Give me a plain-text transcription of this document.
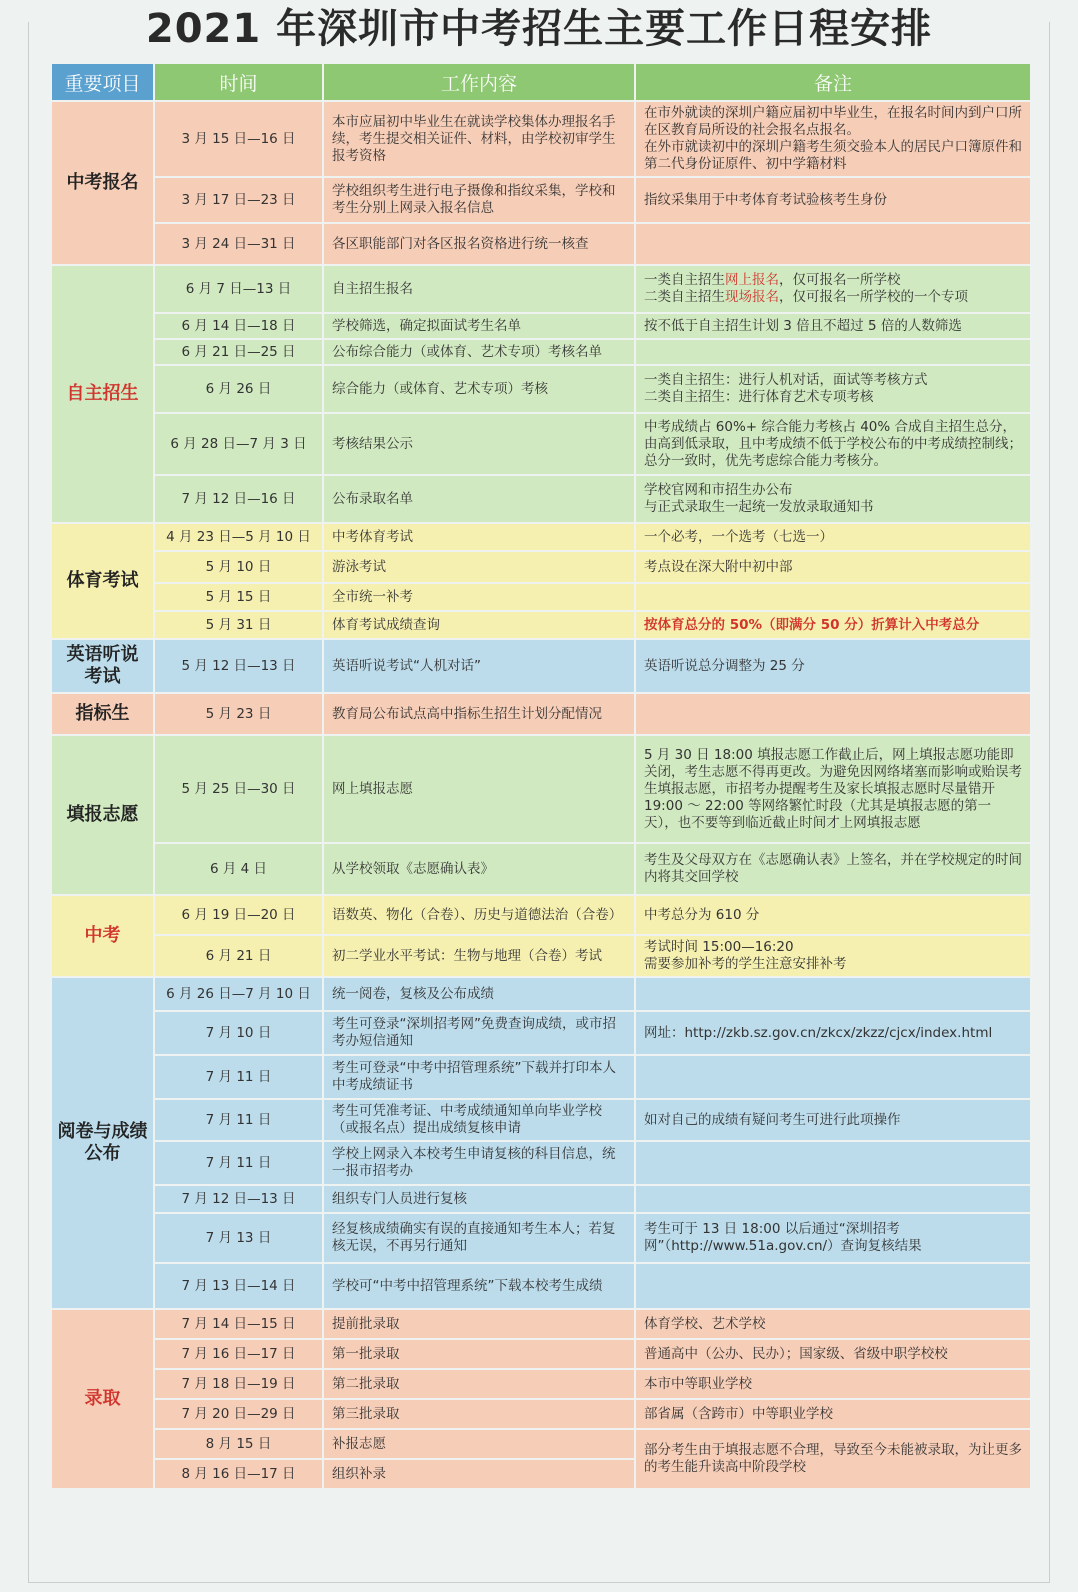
2021 年深圳市中考招生主要工作日程安排
重要项目	时间	工作内容	备注
中考报名	3 月 15 日—16 日	本市应届初中毕业生在就读学校集体办理报名手续，考生提交相关证件、材料，由学校初审学生报考资格	在市外就读的深圳户籍应届初中毕业生，在报名时间内到户口所在区教育局所设的社会报名点报名。
在外市就读初中的深圳户籍考生须交验本人的居民户口簿原件和第二代身份证原件、初中学籍材料
	3 月 17 日—23 日	学校组织考生进行电子摄像和指纹采集，学校和考生分别上网录入报名信息	指纹采集用于中考体育考试验核考生身份
	3 月 24 日—31 日	各区职能部门对各区报名资格进行统一核查	
自主招生	6 月 7 日—13 日	自主招生报名	一类自主招生网上报名，仅可报名一所学校
二类自主招生现场报名，仅可报名一所学校的一个专项
	6 月 14 日—18 日	学校筛选，确定拟面试考生名单	按不低于自主招生计划 3 倍且不超过 5 倍的人数筛选
	6 月 21 日—25 日	公布综合能力（或体育、艺术专项）考核名单	
	6 月 26 日	综合能力（或体育、艺术专项）考核	一类自主招生：进行人机对话，面试等考核方式
二类自主招生：进行体育艺术专项考核
	6 月 28 日—7 月 3 日	考核结果公示	中考成绩占 60%+ 综合能力考核占 40% 合成自主招生总分，由高到低录取，且中考成绩不低于学校公布的中考成绩控制线；总分一致时，优先考虑综合能力考核分。
	7 月 12 日—16 日	公布录取名单	学校官网和市招生办公布
与正式录取生一起统一发放录取通知书
体育考试	4 月 23 日—5 月 10 日	中考体育考试	一个必考，一个选考（七选一）
	5 月 10 日	游泳考试	考点设在深大附中初中部
	5 月 15 日	全市统一补考	
	5 月 31 日	体育考试成绩查询	按体育总分的 50%（即满分 50 分）折算计入中考总分
英语听说
考试	5 月 12 日—13 日	英语听说考试“人机对话”	英语听说总分调整为 25 分
指标生	5 月 23 日	教育局公布试点高中指标生招生计划分配情况	
填报志愿	5 月 25 日—30 日	网上填报志愿	5 月 30 日 18:00 填报志愿工作截止后，网上填报志愿功能即关闭，考生志愿不得再更改。为避免因网络堵塞而影响或贻误考生填报志愿，市招考办提醒考生及家长填报志愿时尽量错开 19:00 ～ 22:00 等网络繁忙时段（尤其是填报志愿的第一天），也不要等到临近截止时间才上网填报志愿
	6 月 4 日	从学校领取《志愿确认表》	考生及父母双方在《志愿确认表》上签名，并在学校规定的时间内将其交回学校
中考	6 月 19 日—20 日	语数英、物化（合卷）、历史与道德法治（合卷）	中考总分为 610 分
	6 月 21 日	初二学业水平考试：生物与地理（合卷）考试	考试时间 15:00—16:20
需要参加补考的学生注意安排补考
阅卷与成绩
公布	6 月 26 日—7 月 10 日	统一阅卷，复核及公布成绩	
	7 月 10 日	考生可登录“深圳招考网”免费查询成绩，或市招考办短信通知	网址：http://zkb.sz.gov.cn/zkcx/zkzz/cjcx/index.html
	7 月 11 日	考生可登录“中考中招管理系统”下载并打印本人中考成绩证书	
	7 月 11 日	考生可凭准考证、中考成绩通知单向毕业学校（或报名点）提出成绩复核申请	如对自己的成绩有疑问考生可进行此项操作
	7 月 11 日	学校上网录入本校考生申请复核的科目信息，统一报市招考办	
	7 月 12 日—13 日	组织专门人员进行复核	
	7 月 13 日	经复核成绩确实有误的直接通知考生本人；若复核无误，不再另行通知	考生可于 13 日 18:00 以后通过“深圳招考网”（http://www.51a.gov.cn/）查询复核结果
	7 月 13 日—14 日	学校可“中考中招管理系统”下载本校考生成绩	
录取	7 月 14 日—15 日	提前批录取	体育学校、艺术学校
	7 月 16 日—17 日	第一批录取	普通高中（公办、民办）；国家级、省级中职学校校
	7 月 18 日—19 日	第二批录取	本市中等职业学校
	7 月 20 日—29 日	第三批录取	部省属（含跨市）中等职业学校
	8 月 15 日	补报志愿	部分考生由于填报志愿不合理，导致至今未能被录取，为让更多的考生能升读高中阶段学校
	8 月 16 日—17 日	组织补录	
